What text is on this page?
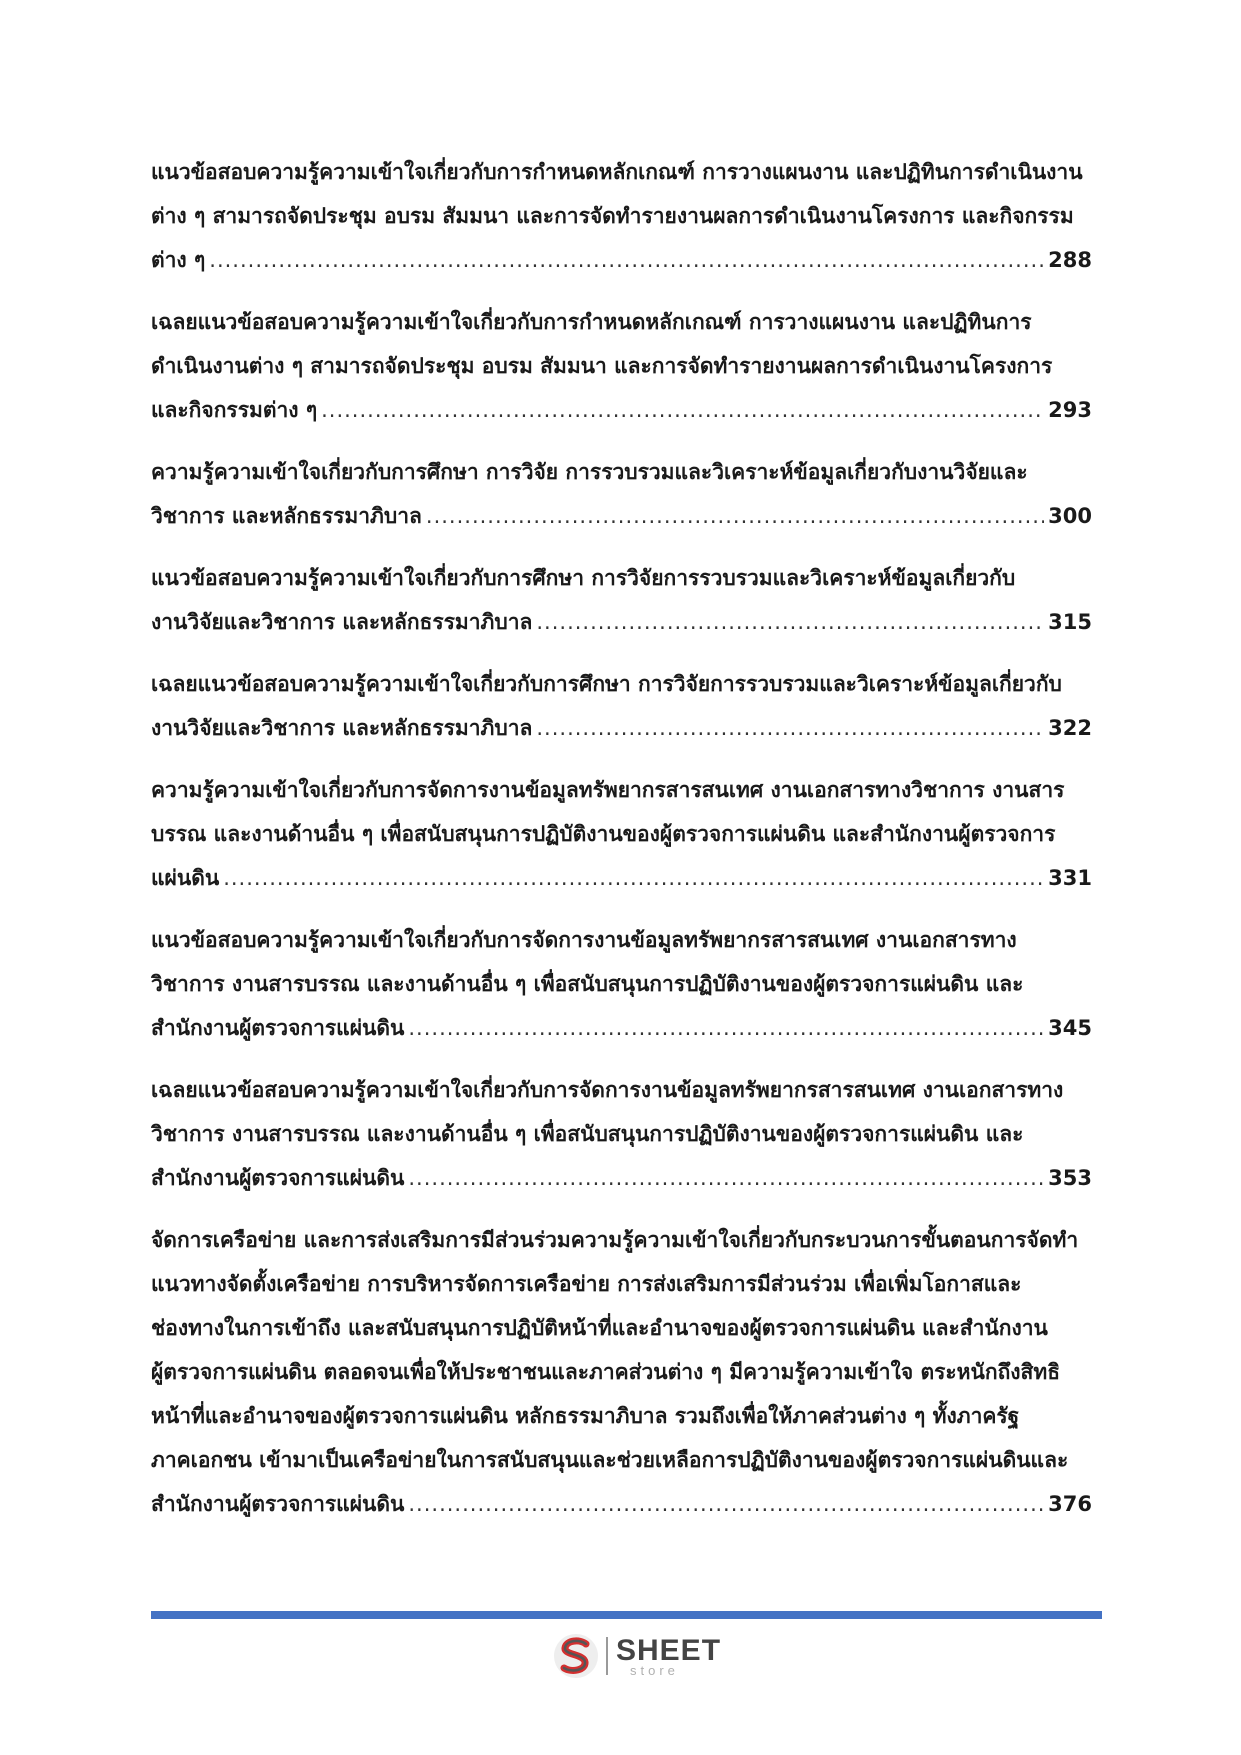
แนวข้อสอบความรู้ความเข้าใจเกี่ยวกับการกำหนดหลักเกณฑ์ การวางแผนงาน และปฏิทินการดำเนินงาน
ต่าง ๆ สามารถจัดประชุม อบรม สัมมนา และการจัดทำรายงานผลการดำเนินงานโครงการ และกิจกรรม
ต่าง ๆ .....	288
เฉลยแนวข้อสอบความรู้ความเข้าใจเกี่ยวกับการกำหนดหลักเกณฑ์ การวางแผนงาน และปฏิทินการ
ดำเนินงานต่าง ๆ สามารถจัดประชุม อบรม สัมมนา และการจัดทำรายงานผลการดำเนินงานโครงการ
และกิจกรรมต่าง ๆ .....	293
ความรู้ความเข้าใจเกี่ยวกับการศึกษา การวิจัย การรวบรวมและวิเคราะห์ข้อมูลเกี่ยวกับงานวิจัยและ
วิชาการ และหลักธรรมาภิบาล .....	300
แนวข้อสอบความรู้ความเข้าใจเกี่ยวกับการศึกษา การวิจัยการรวบรวมและวิเคราะห์ข้อมูลเกี่ยวกับ
งานวิจัยและวิชาการ และหลักธรรมาภิบาล .....	315
เฉลยแนวข้อสอบความรู้ความเข้าใจเกี่ยวกับการศึกษา การวิจัยการรวบรวมและวิเคราะห์ข้อมูลเกี่ยวกับ
งานวิจัยและวิชาการ และหลักธรรมาภิบาล .....	322
ความรู้ความเข้าใจเกี่ยวกับการจัดการงานข้อมูลทรัพยากรสารสนเทศ งานเอกสารทางวิชาการ งานสาร
บรรณ และงานด้านอื่น ๆ เพื่อสนับสนุนการปฏิบัติงานของผู้ตรวจการแผ่นดิน และสำนักงานผู้ตรวจการ
แผ่นดิน .....	331
แนวข้อสอบความรู้ความเข้าใจเกี่ยวกับการจัดการงานข้อมูลทรัพยากรสารสนเทศ งานเอกสารทาง
วิชาการ งานสารบรรณ และงานด้านอื่น ๆ เพื่อสนับสนุนการปฏิบัติงานของผู้ตรวจการแผ่นดิน และ
สำนักงานผู้ตรวจการแผ่นดิน .....	345
เฉลยแนวข้อสอบความรู้ความเข้าใจเกี่ยวกับการจัดการงานข้อมูลทรัพยากรสารสนเทศ งานเอกสารทาง
วิชาการ งานสารบรรณ และงานด้านอื่น ๆ เพื่อสนับสนุนการปฏิบัติงานของผู้ตรวจการแผ่นดิน และ
สำนักงานผู้ตรวจการแผ่นดิน .....	353
จัดการเครือข่าย และการส่งเสริมการมีส่วนร่วมความรู้ความเข้าใจเกี่ยวกับกระบวนการขั้นตอนการจัดทำ
แนวทางจัดตั้งเครือข่าย การบริหารจัดการเครือข่าย การส่งเสริมการมีส่วนร่วม เพื่อเพิ่มโอกาสและ
ช่องทางในการเข้าถึง และสนับสนุนการปฏิบัติหน้าที่และอำนาจของผู้ตรวจการแผ่นดิน และสำนักงาน
ผู้ตรวจการแผ่นดิน ตลอดจนเพื่อให้ประชาชนและภาคส่วนต่าง ๆ มีความรู้ความเข้าใจ ตระหนักถึงสิทธิ
หน้าที่และอำนาจของผู้ตรวจการแผ่นดิน หลักธรรมาภิบาล รวมถึงเพื่อให้ภาคส่วนต่าง ๆ ทั้งภาครัฐ
ภาคเอกชน เข้ามาเป็นเครือข่ายในการสนับสนุนและช่วยเหลือการปฏิบัติงานของผู้ตรวจการแผ่นดินและ
สำนักงานผู้ตรวจการแผ่นดิน .....	376
SHEET
store
